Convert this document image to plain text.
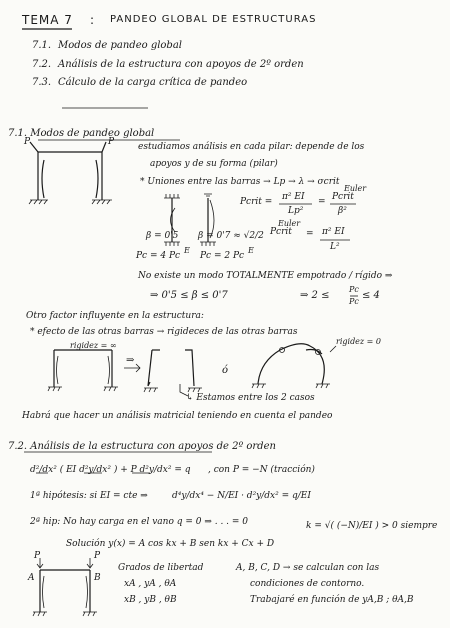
TEMA 7 : PANDEO GLOBAL DE ESTRUCTURAS
7.1. Modos de pandeo global
7.2. Análisis de la estructura con apoyos de 2º orden
7.3. Cálculo de la carga crítica de pandeo
7.1. Modos de pandeo global
P	P	estudiamos análisis en cada pilar: depende de los
apoyos y de su forma (pilar)
* Uniones entre las barras → Lp → λ → σcrit
Pcrit = π² EI
Lp²
= Pcrit
Euler
β²
β = 0'5 β = 0'7 ≈ √2/2 Pcrit
Euler
= π² EI
L²
Pc = 4 Pc
E
Pc = 2 Pc
E
No existe un modo TOTALMENTE empotrado / rígido ⇒
⇒ 0'5 ≤ β ≤ 0'7	⇒ 2 ≤
Pc
Pc
≤ 4
Otro factor influyente en la estructura:
* efecto de las otras barras → rigideces de las otras barras
rigidez = ∞
⇒
ó
rigidez = 0
↳ Estamos entre los 2 casos
Habrá que hacer un análisis matricial teniendo en cuenta el pandeo
7.2. Análisis de la estructura con apoyos de 2º orden
d²/dx² ( EI d²y/dx² ) + P d²y/dx² = q , con P = −N (tracción)
1ª hipótesis: si EI = cte ⇒	d⁴y/dx⁴ − N/EI · d²y/dx² = q/EI
2ª hip: No hay carga en el vano q = 0 ⇒ . . . = 0	k = √( (−N)/EI ) > 0 siempre
Solución y(x) = A cos kx + B sen kx + Cx + D
P	P
A	B
Grados de libertad
xA , yA , θA
xB , yB , θB
A, B, C, D → se calculan con las
condiciones de contorno.
Trabajaré en función de yA,B ; θA,B
